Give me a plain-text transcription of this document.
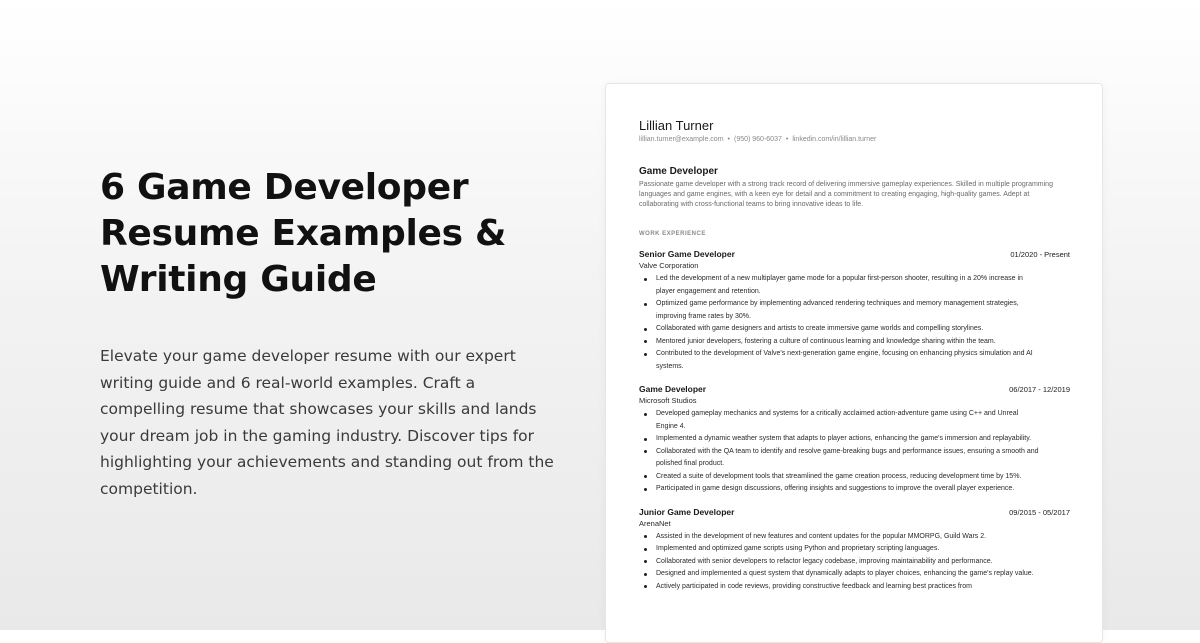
6 Game Developer
Resume Examples &
Writing Guide

Elevate your game developer resume with our expert writing guide and 6 real-world examples. Craft a compelling resume that showcases your skills and lands your dream job in the gaming industry. Discover tips for highlighting your achievements and standing out from the competition.

Lillian Turner
lillian.turner@example.com • (950) 960-6037 • linkedin.com/in/lillian.turner
Game Developer
Passionate game developer with a strong track record of delivering immersive gameplay experiences. Skilled in multiple programming languages and game engines, with a keen eye for detail and a commitment to creating engaging, high-quality games. Adept at collaborating with cross-functional teams to bring innovative ideas to life.
WORK EXPERIENCE
Senior Game Developer	01/2020 - Present
Valve Corporation
Led the development of a new multiplayer game mode for a popular first-person shooter, resulting in a 20% increase in player engagement and retention.
Optimized game performance by implementing advanced rendering techniques and memory management strategies, improving frame rates by 30%.
Collaborated with game designers and artists to create immersive game worlds and compelling storylines.
Mentored junior developers, fostering a culture of continuous learning and knowledge sharing within the team.
Contributed to the development of Valve's next-generation game engine, focusing on enhancing physics simulation and AI systems.
Game Developer	06/2017 - 12/2019
Microsoft Studios
Developed gameplay mechanics and systems for a critically acclaimed action-adventure game using C++ and Unreal Engine 4.
Implemented a dynamic weather system that adapts to player actions, enhancing the game's immersion and replayability.
Collaborated with the QA team to identify and resolve game-breaking bugs and performance issues, ensuring a smooth and polished final product.
Created a suite of development tools that streamlined the game creation process, reducing development time by 15%.
Participated in game design discussions, offering insights and suggestions to improve the overall player experience.
Junior Game Developer	09/2015 - 05/2017
ArenaNet
Assisted in the development of new features and content updates for the popular MMORPG, Guild Wars 2.
Implemented and optimized game scripts using Python and proprietary scripting languages.
Collaborated with senior developers to refactor legacy codebase, improving maintainability and performance.
Designed and implemented a quest system that dynamically adapts to player choices, enhancing the game's replay value.
Actively participated in code reviews, providing constructive feedback and learning best practices from
